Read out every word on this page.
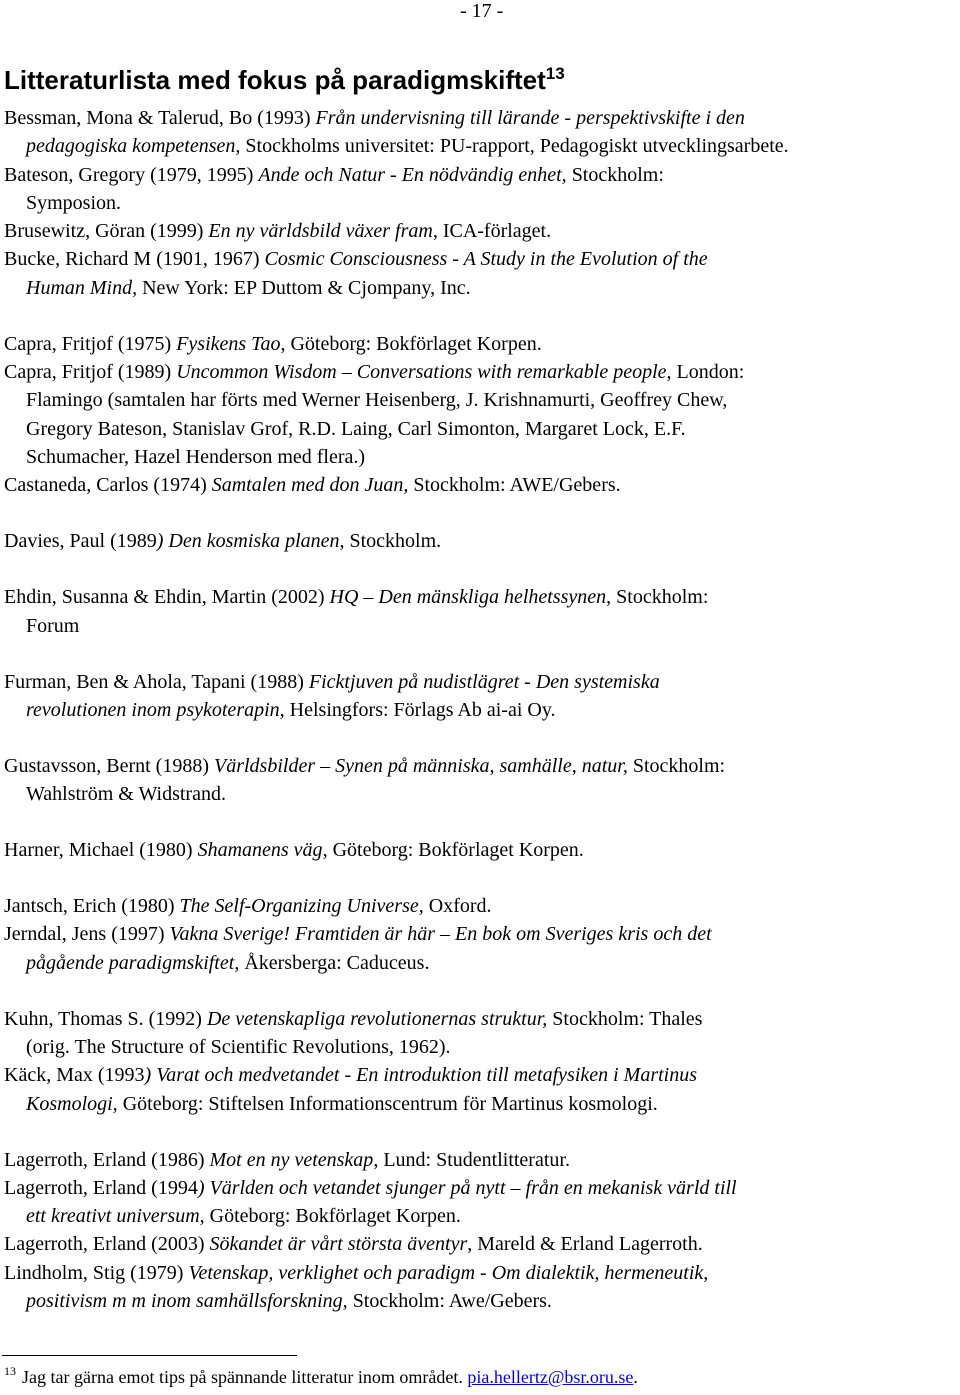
- 17 -
Litteraturlista med fokus på paradigmskiftet$^{13}$
Bessman, Mona & Talerud, Bo (1993) Från undervisning till lärande - perspektivskifte i den
pedagogiska kompetensen, Stockholms universitet: PU-rapport, Pedagogiskt utvecklingsarbete.
Bateson, Gregory (1979, 1995) Ande och Natur - En nödvändig enhet, Stockholm:
Symposion.
Brusewitz, Göran (1999) En ny världsbild växer fram, ICA-förlaget.
Bucke, Richard M (1901, 1967) Cosmic Consciousness - A Study in the Evolution of the
Human Mind, New York: EP Duttom & Cjompany, Inc.
Capra, Fritjof (1975) Fysikens Tao, Göteborg: Bokförlaget Korpen.
Capra, Fritjof (1989) Uncommon Wisdom – Conversations with remarkable people, London:
Flamingo (samtalen har förts med Werner Heisenberg, J. Krishnamurti, Geoffrey Chew,
Gregory Bateson, Stanislav Grof, R.D. Laing, Carl Simonton, Margaret Lock, E.F.
Schumacher, Hazel Henderson med flera.)
Castaneda, Carlos (1974) Samtalen med don Juan, Stockholm: AWE/Gebers.
Davies, Paul (1989) Den kosmiska planen, Stockholm.
Ehdin, Susanna & Ehdin, Martin (2002) HQ – Den mänskliga helhetssynen, Stockholm:
Forum
Furman, Ben & Ahola, Tapani (1988) Ficktjuven på nudistlägret - Den systemiska
revolutionen inom psykoterapin, Helsingfors: Förlags Ab ai-ai Oy.
Gustavsson, Bernt (1988) Världsbilder – Synen på människa, samhälle, natur, Stockholm:
Wahlström & Widstrand.
Harner, Michael (1980) Shamanens väg, Göteborg: Bokförlaget Korpen.
Jantsch, Erich (1980) The Self-Organizing Universe, Oxford.
Jerndal, Jens (1997) Vakna Sverige! Framtiden är här – En bok om Sveriges kris och det
pågående paradigmskiftet, Åkersberga: Caduceus.
Kuhn, Thomas S. (1992) De vetenskapliga revolutionernas struktur, Stockholm: Thales
(orig. The Structure of Scientific Revolutions, 1962).
Käck, Max (1993) Varat och medvetandet - En introduktion till metafysiken i Martinus
Kosmologi, Göteborg: Stiftelsen Informationscentrum för Martinus kosmologi.
Lagerroth, Erland (1986) Mot en ny vetenskap, Lund: Studentlitteratur.
Lagerroth, Erland (1994) Världen och vetandet sjunger på nytt – från en mekanisk värld till
ett kreativt universum, Göteborg: Bokförlaget Korpen.
Lagerroth, Erland (2003) Sökandet är vårt största äventyr, Mareld & Erland Lagerroth.
Lindholm, Stig (1979) Vetenskap, verklighet och paradigm - Om dialektik, hermeneutik,
positivism m m inom samhällsforskning, Stockholm: Awe/Gebers.
$^{13}$ Jag tar gärna emot tips på spännande litteratur inom området. pia.hellertz@bsr.oru.se.
